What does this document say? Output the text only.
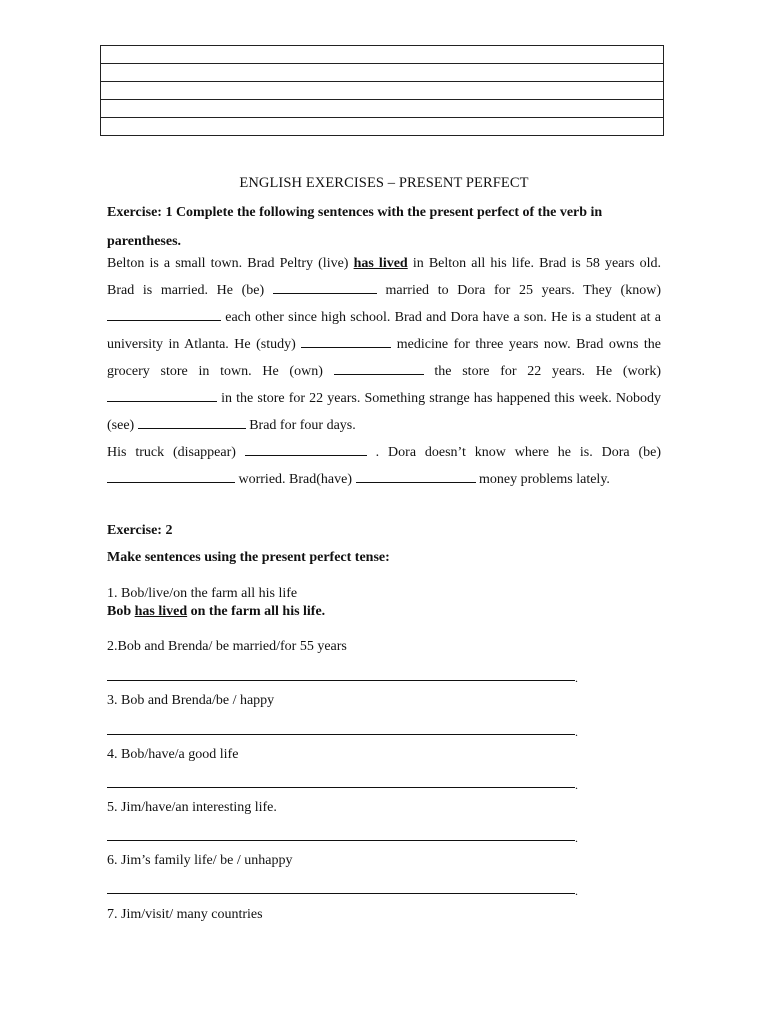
ENGLISH EXERCISES – PRESENT PERFECT
Exercise: 1 Complete the following sentences with the present perfect of the verb in parentheses.
Belton is a small town. Brad Peltry (live) has lived in Belton all his life. Brad is 58 years old. Brad is married. He (be)	married to Dora for 25 years. They (know)  each other since high school. Brad and Dora have a son. He is a student at a university in Atlanta. He (study)	medicine for three years now. Brad owns the grocery store in town. He (own)	the store for 22 years. He (work)  in the store for 22 years. Something strange has happened this week. Nobody (see)	Brad for four days.
His truck (disappear)	. Dora doesn’t know where he is. Dora (be)  worried. Brad(have)	money problems lately.
Exercise: 2
Make sentences using the present perfect tense:
1. Bob/live/on the farm all his life
Bob has lived on the farm all his life.
2.Bob and Brenda/ be married/for 55 years
.
3. Bob and Brenda/be / happy
.
4. Bob/have/a good life
.
5. Jim/have/an interesting life.
.
6. Jim’s family life/ be / unhappy
.
7. Jim/visit/ many countries
